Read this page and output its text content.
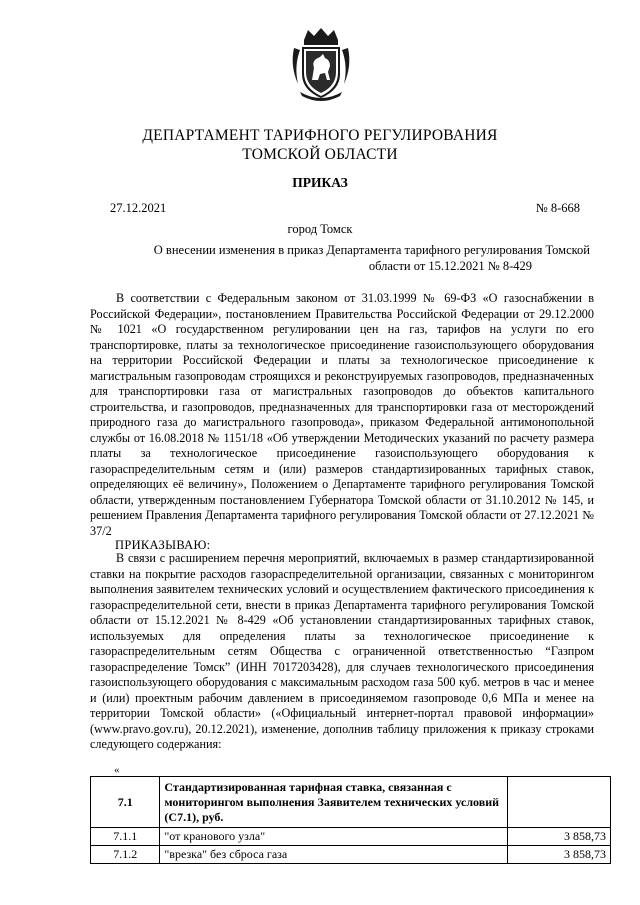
ДЕПАРТАМЕНТ ТАРИФНОГО РЕГУЛИРОВАНИЯ
ТОМСКОЙ ОБЛАСТИ
ПРИКАЗ
27.12.2021	№ 8-668
город Томск
О внесении изменения в приказ Департамента тарифного регулирования Томской

области от 15.12.2021 № 8-429

В соответствии с Федеральным законом от 31.03.1999 № 69-ФЗ «О газоснабжении в Российской Федерации», постановлением Правительства Российской Федерации от 29.12.2000 № 1021 «О государственном регулировании цен на газ, тарифов на услуги по его транспортировке, платы за технологическое присоединение газоиспользующего оборудования на территории Российской Федерации и платы за технологическое присоединение к магистральным газопроводам строящихся и реконструируемых газопроводов, предназначенных для транспортировки газа от магистральных газопроводов до объектов капитального строительства, и газопроводов, предназначенных для транспортировки газа от месторождений природного газа до магистрального газопровода», приказом Федеральной антимонопольной службы от 16.08.2018 № 1151/18 «Об утверждении Методических указаний по расчету размера платы за технологическое присоединение газоиспользующего оборудования к газораспределительным сетям и (или) размеров стандартизированных тарифных ставок, определяющих её величину», Положением о Департаменте тарифного регулирования Томской области, утвержденным постановлением Губернатора Томской области от 31.10.2012 № 145, и решением Правления Департамента тарифного регулирования Томской области от 27.12.2021 № 37/2

ПРИКАЗЫВАЮ:

В связи с расширением перечня мероприятий, включаемых в размер стандартизированной ставки на покрытие расходов газораспределительной организации, связанных с мониторингом выполнения заявителем технических условий и осуществлением фактического присоединения к газораспределительной сети, внести в приказ Департамента тарифного регулирования Томской области от 15.12.2021 № 8-429 «Об установлении стандартизированных тарифных ставок, используемых для определения платы за технологическое присоединение к газораспределительным сетям Общества с ограниченной ответственностью “Газпром газораспределение Томск” (ИНН 7017203428), для случаев технологического присоединения газоиспользующего оборудования с максимальным расходом газа 500 куб. метров в час и менее и (или) проектным рабочим давлением в присоединяемом газопроводе 0,6 МПа и менее на территории Томской области» («Официальный интернет-портал правовой информации» (www.pravo.gov.ru), 20.12.2021), изменение, дополнив таблицу приложения к приказу строками следующего содержания:

«
7.1	Стандартизированная тарифная ставка, связанная с мониторингом выполнения Заявителем технических условий (С7.1), руб.	
7.1.1	"от кранового узла"	3 858,73
7.1.2	"врезка" без сброса газа	3 858,73
